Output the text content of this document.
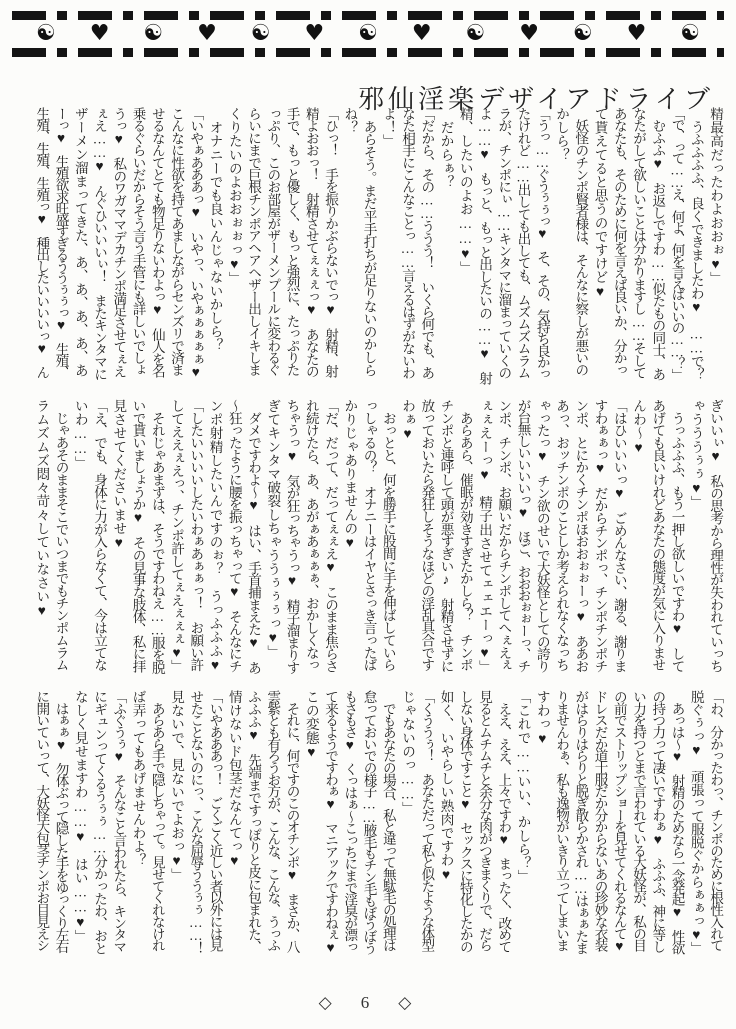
☯ ♥ ☯ ♥ ☯ ♥ ☯ ♥ ☯ ♥ ☯ ♥ ☯
邪仙淫楽デザイアドライブ

精最高だったわよおおぉ♥」

　うふふふふ、良くできましたわ♥　……で？

「で、って……え、何よ、何を言えばいいの……？」

　むふふ♥　お返しですわ……似たもの同士、あ

なたがして欲しいことは分かりますし……そして

あなたも、そのために何を言えば良いか、分かっ

て貰えてると思うのですけど♥

　妖怪のチンポ賢者様は、そんなに察しが悪いの

かしら？

「うっ……ぐうぅぅっ♥　そ、その、気持ち良かっ

たけれど……出しても出しても、ムズムズムラム

ラが、チンポにぃ……キンタマに溜まっていくの

よ……♥　もっと、もっと出したいの……♥　射

精、したいのよお……♥」

　だからぁ？

「だから、その……ううう！　いくら何でも、あ

なた相手にこんなことっ……言えるはずがないわ

よ！」

　あらそう。まだ平手打ちが足りないのかしら

ね？

「ひっ！　手を振りかぶらないでっ♥　射精、射

精よおおっ！　射精させてぇぇぇっ♥　あなたの

手で、もっと優しく、もっと強烈に、たっぷりた

っぷり、このお部屋がザーメンプールに変わるぐ

らいにまで巨根チンポアヘアヘザー出しイキしま

くりたいのよおおぉぉっ♥」

　オナニーでも良いんじゃないかしら？

「いやぁあああっ♥　いやっ、いやぁぁぁぁぁ♥

こんなに性欲を持てあましながらセンズリで済ま

せるなんてとても物足りないわよっ♥　仙人を名

乗るぐらいだからそう言う手管にも詳しいでしょ

うっ♥　私のワガママデカチンポ満足させてぇえ

ぇえ……♥　んぐひいいいぃ！　またキンタマに

ザーメン溜まってきた、あ、あ、あ、あ、あ

ーっ♥　生殖欲求旺盛すぎるううぅぅっ♥　生殖、

生殖、生殖、生殖っ♥　種出したいいいいっ♥　ん

ぎいいぃ♥　私の思考から理性が失われていっち

ゃうううぅぅ♥」

　うっふふふ、もう一押し欲しいですわ♥　して

あげても良いけれどあなたの態度が気に入りませ

んわ〜♥

「はひいいいっ♥　ごめんなさい、謝る、謝りま

すわぁぁっ♥　だからチンポっ、チンポチンポチ

ンポ、とにかくチンポほおおぉぉーっ♥　ああお

あっ、おッチンポのことしか考えられなくなっち

ゃったっ♥　チン欲のせいで大妖怪としての誇り

が台無しいいいいっ♥　ほご、おおおぉぉーっ、チ

ンポ、チンポ、お願いだからチンポしてへぇえぇ

ぇぇえーっ♥　精子出させてェェエーっ♥」

　あらあら、催眠が効きすぎたかしら？　チンポ

チンポと連呼して頭が悪すぎい♪　射精させずに

放っておいたら発狂しそうなほどの淫乱具合です

わぁ♥

　おっとと、何を勝手に股間に手を伸ばしていら

っしゃるの？　オナニーはイヤとさっき言ったば

かりじゃありませんの♥

「だ、だって、だってぇぇえ♥　このまま焦らさ

れ続けたら、あ、あがぁあぁぁぁ、おかしくなっ

ちゃうっ♥　気が狂っちゃうっ♥　精子溜まりす

ぎてキンタマ破裂しちゃううぅぅぅっ♥」

　ダメですわよ〜♥　はい、手首捕まえた♥　あ

〜狂ったように腰を振っちゃって♥　そんなにチ

ンポ射精したいんですのぉ？　うっふふふ♥

「したいいいいしたいわぁあぁぁっ！　お願い許

してええぇえっ、チンポ許してぇえぇぇぇ♥」

　それじゃあまずは、そうですわねえ……服を脱

いで貰いましょうか♥　その見事な肢体、私に拝

見させてくださいませ♥

「え、でも、身体に力が入らなくて、今は立てな

いわ……」

　じゃあそのままそこでいつまでもチンポムラム

ラムズムズ悶々苛々していなさい♥

「わ、分かったわっ、チンポのために根性入れて

脱ぐぅっ♥　頑張って服脱ぐからぁぁっ♥」

　あっは〜♥　射精のためなら一念発起♥　性欲

の持つ力って凄いですわぁ♥　ふふふ、神に等し

い力を持つとまで言われている大妖怪が、私の目

の前でストリップショーを見せてくれるなんて♥

ドレスだか道士服だか分からないあの珍妙な衣装

がはらりはらりと脱ぎ散らかされ……はぁぁたま

りませんわぁ、私も逸物がいきり立ってしまいま

すわっ♥

「これで……いい、かしら？」

　ええ、ええ、上々ですわ♥　まったく、改めて

見るとムチムチと余分な肉がつきまくりで、だら

しない身体ですこと♥　セックスに特化したかの

如く、いやらしい熟肉ですわ♥

「くううぅ！　あなただって私と似たような体型

じゃないのっ……」

　でもあなたの場合、私と違って無駄毛の処理は

怠っておいでの様子……腋毛もチン毛もぼうぼう

もさもさ♥　くっはぁ〜こっちにまで淫臭が漂っ

て来るようですわぁ♥　マニアックですわねぇ♥

この変態♥

　それに、何ですのこのオチンポ♥　まさか、八

雲紫とも有ろうお方が、こんな、こんな、うっふ

ふふふ♥　先端まですっぽりと皮に包まれた、

情けないド包茎だなんてっ♥

「いやあああっ！　ごくごく近しい者以外には見

せたことないのにっ、こんな屈辱ううぅぅ……！

見ないで、見ないでよおっ♥」

　あらあら手で隠しちゃって。見せてくれなけれ

ば弄ってもあげませんわよ？

「ふぐうぅ♥　そんなこと言われたら、キンタマ

にギュンってくるうぅぅ……分かったわ、おと

なしく見せますわ……♥　はい……♥」

　はぁぁ♥　勿体ぶって隠した手をゆっくり左右

に開いていって、大妖怪大包茎チンポお目見えシ

◇　6　◇
